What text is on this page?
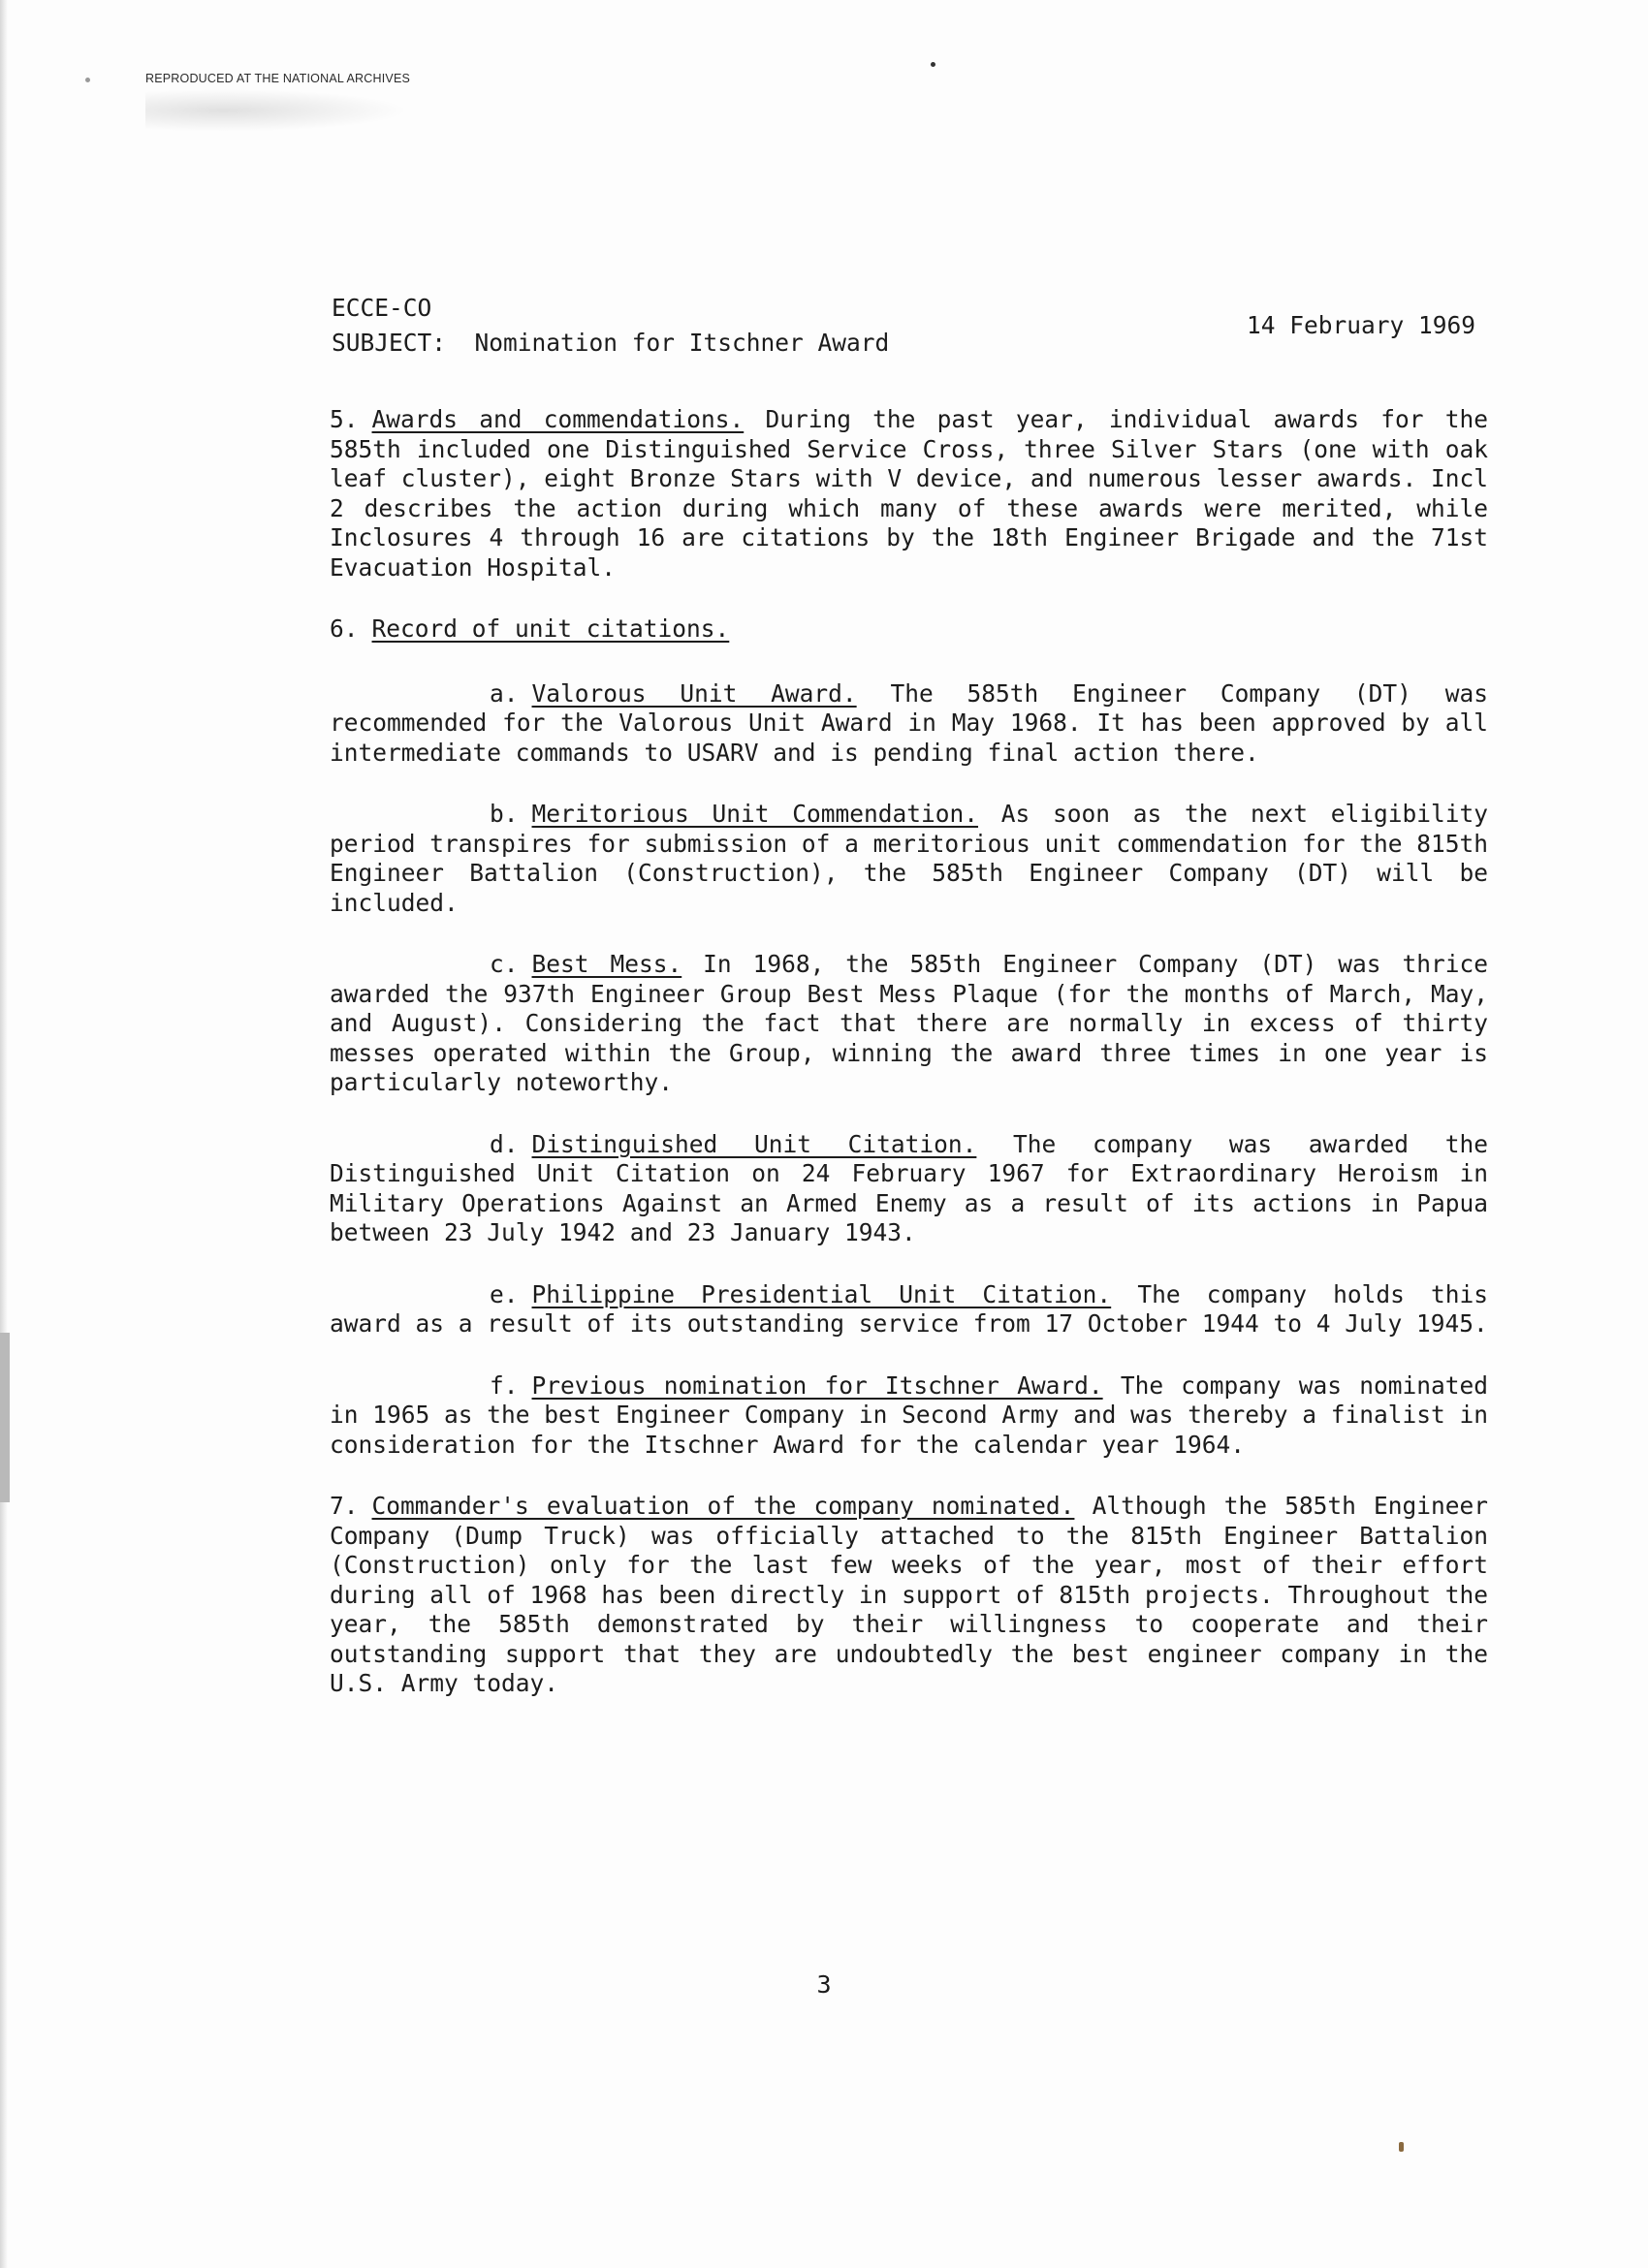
REPRODUCED AT THE NATIONAL ARCHIVES
ECCE-CO
SUBJECT: Nomination for Itschner Award
14 February 1969

5. Awards and commendations. During the past year, individual awards for the 585th included one Distinguished Service Cross, three Silver Stars (one with oak leaf cluster), eight Bronze Stars with V device, and numerous lesser awards. Incl 2 describes the action during which many of these awards were merited, while Inclosures 4 through 16 are citations by the 18th Engineer Brigade and the 71st Evacuation Hospital.

6. Record of unit citations.

a. Valorous Unit Award. The 585th Engineer Company (DT) was recommended for the Valorous Unit Award in May 1968. It has been approved by all intermediate commands to USARV and is pending final action there.

b. Meritorious Unit Commendation. As soon as the next eligibility period transpires for submission of a meritorious unit commendation for the 815th Engineer Battalion (Construction), the 585th Engineer Company (DT) will be included.

c. Best Mess. In 1968, the 585th Engineer Company (DT) was thrice awarded the 937th Engineer Group Best Mess Plaque (for the months of March, May, and August). Considering the fact that there are normally in excess of thirty messes operated within the Group, winning the award three times in one year is particularly noteworthy.

d. Distinguished Unit Citation. The company was awarded the Distinguished Unit Citation on 24 February 1967 for Extraordinary Heroism in Military Operations Against an Armed Enemy as a result of its actions in Papua between 23 July 1942 and 23 January 1943.

e. Philippine Presidential Unit Citation. The company holds this award as a result of its outstanding service from 17 October 1944 to 4 July 1945.

f. Previous nomination for Itschner Award. The company was nominated in 1965 as the best Engineer Company in Second Army and was thereby a finalist in consideration for the Itschner Award for the calendar year 1964.

7. Commander's evaluation of the company nominated. Although the 585th Engineer Company (Dump Truck) was officially attached to the 815th Engineer Battalion (Construction) only for the last few weeks of the year, most of their effort during all of 1968 has been directly in support of 815th projects. Throughout the year, the 585th demonstrated by their willingness to cooperate and their outstanding support that they are undoubtedly the best engineer company in the U.S. Army today.

3
